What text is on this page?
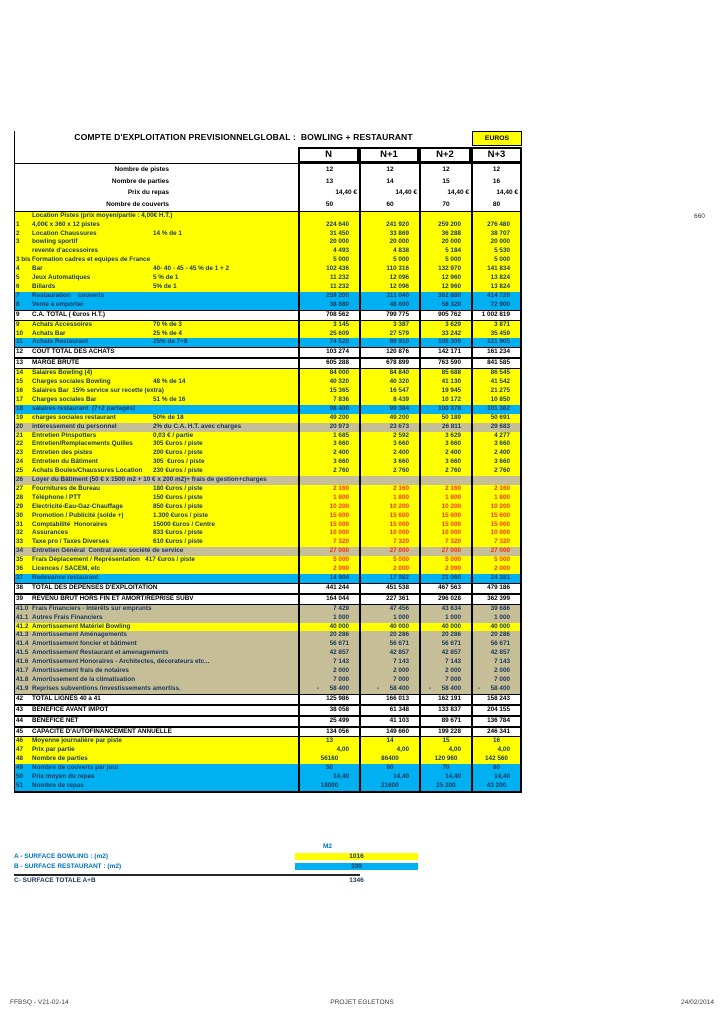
COMPTE D'EXPLOITATION PREVISIONNELGLOBAL :  BOWLING + RESTAURANT	EUROS
N	N+1	N+2	N+3
Nombre de pistes	12	12	12	12
Nombre de parties	13	14	15	16
Prix du repas	14,40 €	14,40 €	14,40 €	14,40 €
Nombre de couverts	50	60	70	80
Location Pistes (prix moyen/partie : 4,00€ H.T.)
1	4,00€ x 360 x 12 pistes	224 640	241 920	259 200	276 480
2	Location Chaussures	14 % de 1	31 450	33 869	36 288	38 707
3	bowling sportif	20 000	20 000	20 000	20 000
revente d'accessoires	4 493	4 838	5 184	5 530
3 bis Formation cadres et equipes de France	5 000	5 000	5 000	5 000
4	Bar	40- 40 - 45 - 45 % de 1 + 2	102 436	110 316	132 970	141 834
5	Jeux Automatiques	5 % de 1	11 232	12 096	12 960	13 824
6	Billards	5% de 1	11 232	12 096	12 960	13 824
7	Restauration    couverts	259 200	311 040	362 880	414 720
8	Vente à emporter	38 880	48 600	58 320	72 900
9	C.A. TOTAL ( €uros H.T.)	708 562	799 775	905 762	1 002 819
9	Achats Accessoires	70 % de 3	3 145	3 387	3 629	3 871
10	Achats Bar	25 % de 4	25 609	27 579	33 242	35 459
11	Achats Restaurant	25% de 7+8	74 520	89 910	105 300	121 905
12	COUT TOTAL DES ACHATS	103 274	120 876	142 171	161 234
13	MARGE BRUTE	605 288	678 899	763 590	841 585
14	Salaires Bowling (4)	84 000	84 840	85 688	86 545
15	Charges sociales Bowling	48 % de 14	40 320	40 320	41 130	41 542
16	Salaires Bar  15% service sur recette (extra)	15 365	16 547	19 945	21 275
17	Charges sociales Bar	51 % de 16	7 836	8 439	10 172	10 850
18	salaires restaurant  (7+2 partagés)	98 400	99 384	100 378	101 382
19	charges sociales restaurant	50% de 18	49 200	49 200	50 189	50 691
20	intéressement du personnel	2% du C.A. H.T. avec charges	20 973	23 673	26 811	29 683
21	Entretien Pinspotters	0,03 € / partie	1 685	2 592	3 629	4 277
22	Entretien/Remplacements Quilles	305 €uros / piste	3 660	3 660	3 660	3 660
23	Entretien des pistes	200 €uros / piste	2 400	2 400	2 400	2 400
24	Entretien du Bâtiment	305  €uros / piste	3 660	3 660	3 660	3 660
25	Achats Boules/Chaussures Location 230 €uros / piste	2 760	2 760	2 760	2 760
26	Loyer du Bâtiment (50 € x 1500 m2 + 10 € x 200 m2)+ frais de gestion+charges
27	Fournitures de Bureau	180 €uros / piste	2 160	2 160	2 160	2 160
28	Téléphone / PTT	150 €uros / piste	1 800	1 800	1 800	1 800
29	Electricité-Eau-Gaz-Chauffage	850 €uros / piste	10 200	10 200	10 200	10 200
30	Promotion / Publicité (solde +)	1.300 €uros / piste	15 600	15 600	15 600	15 600
31	Comptabilité  Honoraires	15000 €uros / Centre	15 000	15 000	15 000	15 000
32	Assurances	833 €uros / piste	10 000	10 000	10 000	10 000
33	Taxe pro / Taxes Diverses	610 €uros / piste	7 320	7 320	7 320	7 320
34	Entretien Général  Contrat avec société de service	27 000	27 000	27 000	27 000
35	Frais Déplacement / Représentation   417 €uros / piste	5 000	5 000	5 000	5 000
36	Licences / SACEM, etc	2 000	2 000	2 000	2 000
37	Redevance restaurant	14 904	17 982	21 060	24 381
38	TOTAL DES DEPENSES D'EXPLOITATION	441 244	451 538	467 563	479 186
39	REVENU BRUT HORS FIN ET AMORT/REPRISE SUBV	164 044	227 361	296 028	362 399
41.0 Frais Financiers - Intérêts sur emprunts	7 429	47 456	43 634	39 686
41.1 Autres Frais Financiers	1 000	1 000	1 000	1 000
41.2 Amortissement Matériel Bowling	40 000	40 000	40 000	40 000
41.3 Amortissement Aménagements	20 286	20 286	20 286	20 286
41.4 Amortissement foncier et bâtiment	56 671	56 671	56 671	56 671
41.5 Amortissement Restaurant et amenagements	42 857	42 857	42 857	42 857
41.6 Amortissement Honoraires - Architectes, décorateurs etc...	7 143	7 143	7 143	7 143
41.7 Amortissement frais de notaires	2 000	2 000	2 000	2 000
41.8 Amortissement de la climatisation	7 000	7 000	7 000	7 000
41.9 Reprises subventions /investissements amortiss.	-      58 400	-      58 400	-      58 400	-      58 400
42	TOTAL LIGNES 40 à 41	125 986	166 013	162 191	158 243
43	BENEFICE AVANT IMPÔT	38 058	61 348	133 837	204 155
44	BENEFICE NET	25 499	41 103	89 671	136 784
45	CAPACITE D'AUTOFINANCEMENT ANNUELLE	134 056	149 660	199 228	246 341
46	Moyenne journalière par piste	13	14	15	16
47	Prix par partie	4,00	4,00	4,00	4,00
48	Nombre de parties	56160	86400	120 960	142 560
49	Nombre de couverts par jour	50	60	70	80
50	Prix moyen du repas	14,40	14,40	14,40	14,40
51	Nombre de repas	18000	21600	25 200	43 200
660
M2
A - SURFACE BOWLING : (m2)	1016
B - SURFACE RESTAURANT : (m2)	330
C- SURFACE TOTALE A+B	1346
FFBSQ - V21-02-14	PROJET EGLETONS	24/02/2014
